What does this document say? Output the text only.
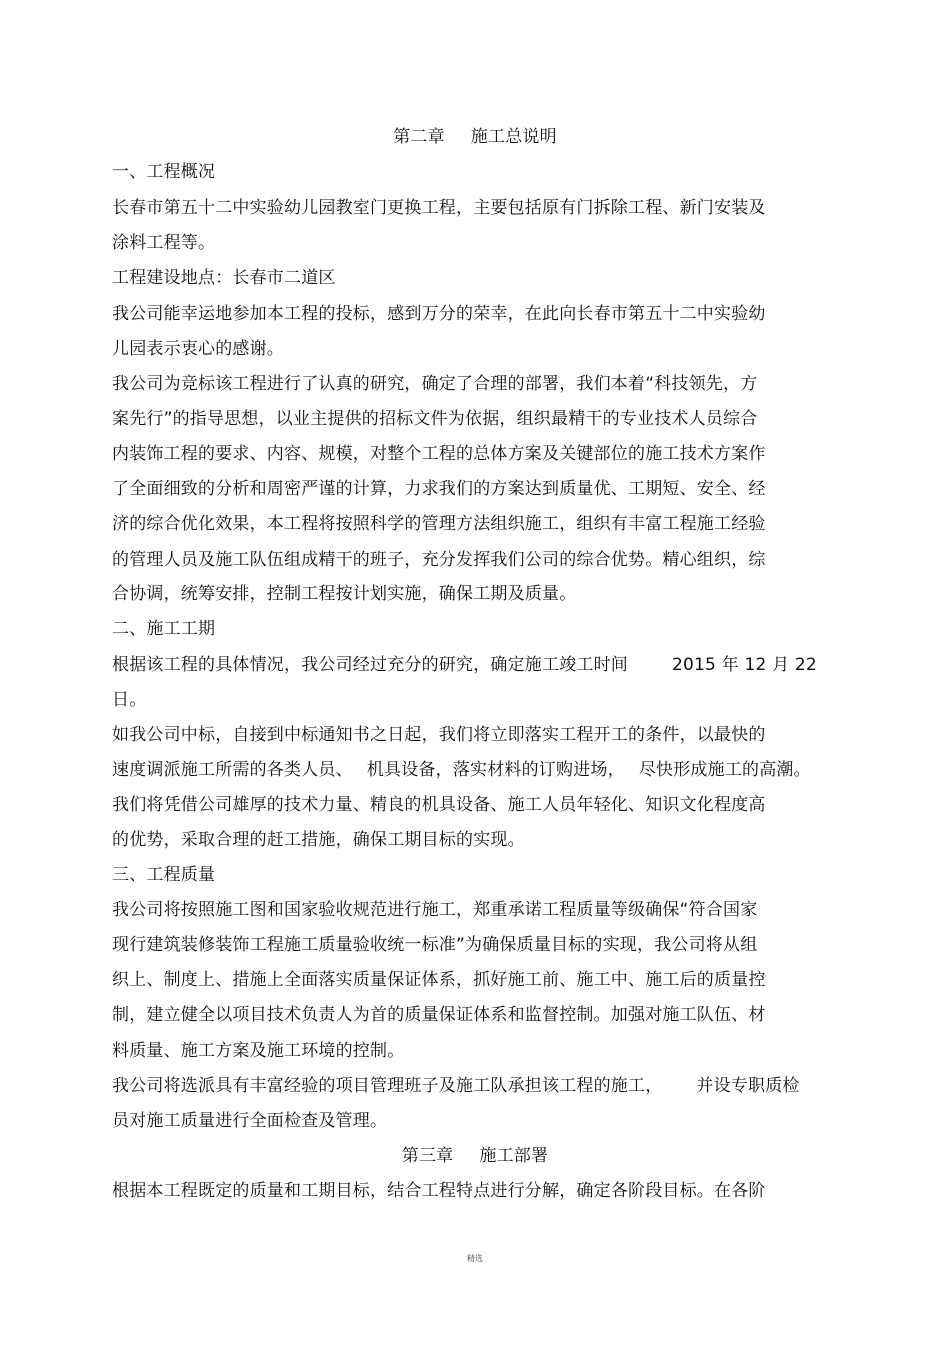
第二章 施工总说明
一、工程概况
长春市第五十二中实验幼儿园教室门更换工程，主要包括原有门拆除工程、新门安装及
涂料工程等。
工程建设地点：长春市二道区
我公司能幸运地参加本工程的投标，感到万分的荣幸，在此向长春市第五十二中实验幼
儿园表示衷心的感谢。
我公司为竞标该工程进行了认真的研究，确定了合理的部署，我们本着“科技领先，方
案先行”的指导思想，以业主提供的招标文件为依据，组织最精干的专业技术人员综合
内装饰工程的要求、内容、规模，对整个工程的总体方案及关键部位的施工技术方案作
了全面细致的分析和周密严谨的计算，力求我们的方案达到质量优、工期短、安全、经
济的综合优化效果，本工程将按照科学的管理方法组织施工，组织有丰富工程施工经验
的管理人员及施工队伍组成精干的班子，充分发挥我们公司的综合优势。精心组织，综
合协调，统筹安排，控制工程按计划实施，确保工期及质量。
二、施工工期
根据该工程的具体情况，我公司经过充分的研究，确定施工竣工时间	2015 年 12 月 22
日。
如我公司中标，自接到中标通知书之日起，我们将立即落实工程开工的条件，以最快的
速度调派施工所需的各类人员、 机具设备，落实材料的订购进场， 尽快形成施工的高潮。
我们将凭借公司雄厚的技术力量、精良的机具设备、施工人员年轻化、知识文化程度高
的优势，采取合理的赶工措施，确保工期目标的实现。
三、工程质量
我公司将按照施工图和国家验收规范进行施工，郑重承诺工程质量等级确保“符合国家
现行建筑装修装饰工程施工质量验收统一标准”为确保质量目标的实现，我公司将从组
织上、制度上、措施上全面落实质量保证体系，抓好施工前、施工中、施工后的质量控
制，建立健全以项目技术负责人为首的质量保证体系和监督控制。加强对施工队伍、材
料质量、施工方案及施工环境的控制。
我公司将选派具有丰富经验的项目管理班子及施工队承担该工程的施工， 并设专职质检
员对施工质量进行全面检查及管理。
第三章 施工部署
根据本工程既定的质量和工期目标，结合工程特点进行分解，确定各阶段目标。在各阶
精选
